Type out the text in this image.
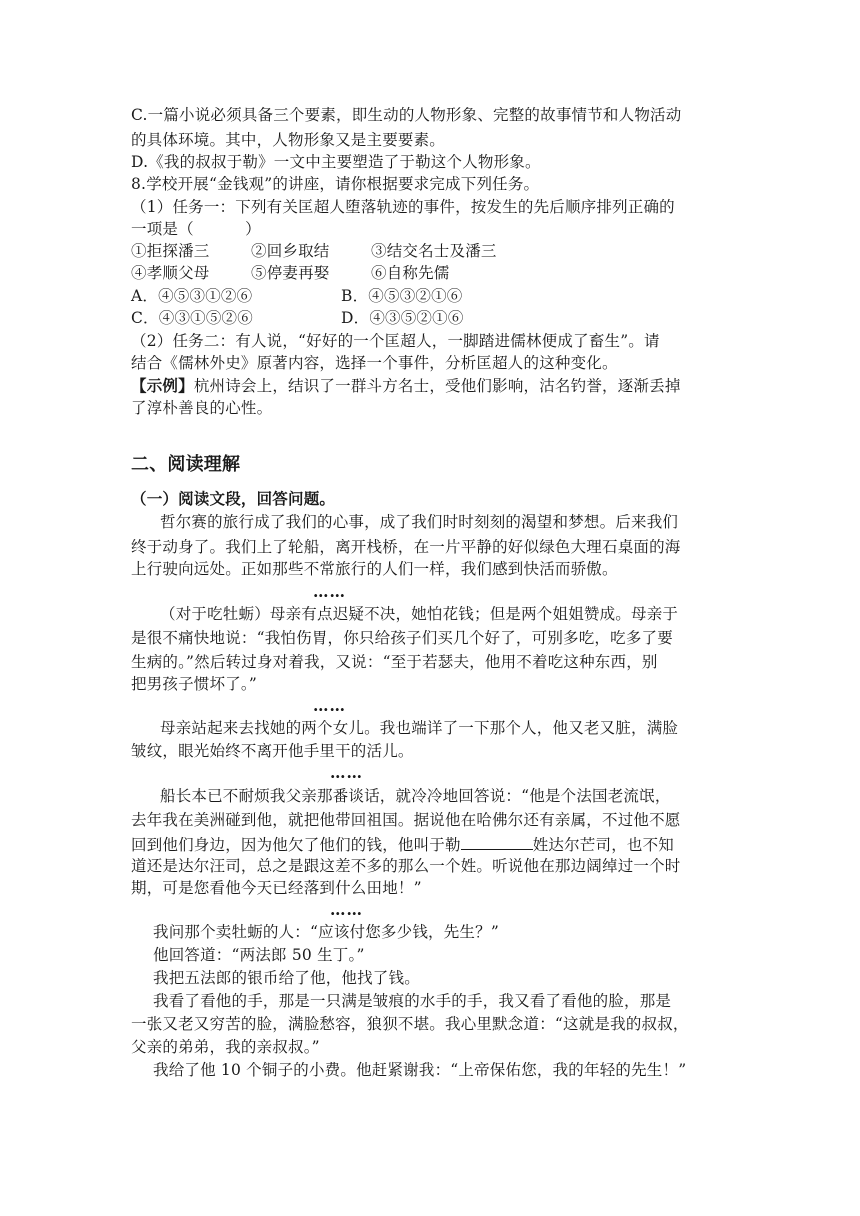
C.一篇小说必须具备三个要素，即生动的人物形象、完整的故事情节和人物活动
的具体环境。其中，人物形象又是主要要素。
D.《我的叔叔于勒》一文中主要塑造了于勒这个人物形象。
8.学校开展“金钱观”的讲座，请你根据要求完成下列任务。
（1）任务一：下列有关匡超人堕落轨迹的事件，按发生的先后顺序排列正确的
一项是（          ）
①拒探潘三	②回乡取结	③结交名士及潘三
④孝顺父母	⑤停妻再娶	⑥自称先儒
A．④⑤③①②⑥	B．④⑤③②①⑥
C．④③①⑤②⑥	D．④③⑤②①⑥
（2）任务二：有人说，“好好的一个匡超人，一脚踏进儒林便成了畜生”。请
结合《儒林外史》原著内容，选择一个事件，分析匡超人的这种变化。
【示例】杭州诗会上，结识了一群斗方名士，受他们影响，沽名钓誉，逐渐丢掉
了淳朴善良的心性。
二、阅读理解
（一）阅读文段，回答问题。
哲尔赛的旅行成了我们的心事，成了我们时时刻刻的渴望和梦想。后来我们
终于动身了。我们上了轮船，离开栈桥，在一片平静的好似绿色大理石桌面的海
上行驶向远处。正如那些不常旅行的人们一样，我们感到快活而骄傲。
……
（对于吃牡蛎）母亲有点迟疑不决，她怕花钱；但是两个姐姐赞成。母亲于
是很不痛快地说：“我怕伤胃，你只给孩子们买几个好了，可别多吃，吃多了要
生病的。”然后转过身对着我，又说：“至于若瑟夫，他用不着吃这种东西，别
把男孩子惯坏了。”
……
母亲站起来去找她的两个女儿。我也端详了一下那个人，他又老又脏，满脸
皱纹，眼光始终不离开他手里干的活儿。
……
船长本已不耐烦我父亲那番谈话，就冷冷地回答说：“他是个法国老流氓，
去年我在美洲碰到他，就把他带回祖国。据说他在哈佛尔还有亲属，不过他不愿
回到他们身边，因为他欠了他们的钱，他叫于勒	姓达尔芒司，也不知
道还是达尔汪司，总之是跟这差不多的那么一个姓。听说他在那边阔绰过一个时
期，可是您看他今天已经落到什么田地！”
……
我问那个卖牡蛎的人：“应该付您多少钱，先生？”
他回答道：“两法郎 50 生丁。”
我把五法郎的银币给了他，他找了钱。
我看了看他的手，那是一只满是皱痕的水手的手，我又看了看他的脸，那是
一张又老又穷苦的脸，满脸愁容，狼狈不堪。我心里默念道：“这就是我的叔叔，
父亲的弟弟，我的亲叔叔。”
我给了他 10 个铜子的小费。他赶紧谢我：“上帝保佑您，我的年轻的先生！”
